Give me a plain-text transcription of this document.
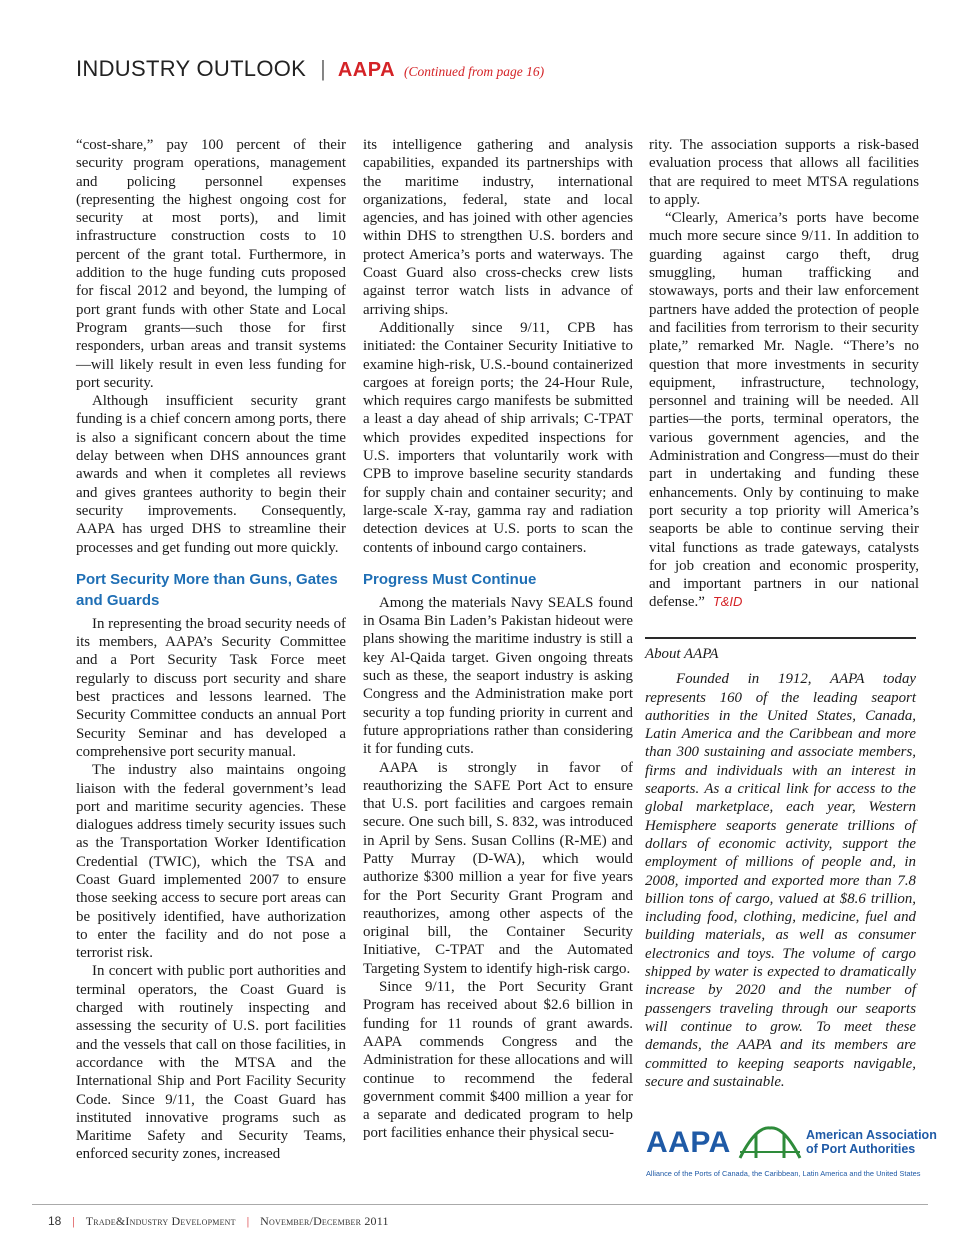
INDUSTRY OUTLOOK | AAPA (Continued from page 16)

“cost-share,” pay 100 percent of their security program operations, management and policing personnel expenses (representing the highest ongoing cost for security at most ports), and limit infrastructure construction costs to 10 percent of the grant total. Furthermore, in addition to the huge funding cuts proposed for fiscal 2012 and beyond, the lumping of port grant funds with other State and Local Program grants—such those for first responders, urban areas and transit systems—will likely result in even less funding for port security.

Although insufficient security grant funding is a chief concern among ports, there is also a significant concern about the time delay between when DHS announces grant awards and when it completes all reviews and gives grantees authority to begin their security improvements. Consequently, AAPA has urged DHS to streamline their processes and get funding out more quickly.

Port Security More than Guns, Gates and Guards

In representing the broad security needs of its members, AAPA’s Security Committee and a Port Security Task Force meet regularly to discuss port security and share best practices and lessons learned. The Security Committee conducts an annual Port Security Seminar and has developed a comprehensive port security manual.

The industry also maintains ongoing liaison with the federal government’s lead port and maritime security agencies. These dialogues address timely security issues such as the Transportation Worker Identification Credential (TWIC), which the TSA and Coast Guard implemented 2007 to ensure those seeking access to secure port areas can be positively identified, have authorization to enter the facility and do not pose a terrorist risk.

In concert with public port authorities and terminal operators, the Coast Guard is charged with routinely inspecting and assessing the security of U.S. port facilities and the vessels that call on those facilities, in accordance with the MTSA and the International Ship and Port Facility Security Code. Since 9/11, the Coast Guard has instituted innovative programs such as Maritime Safety and Security Teams, enforced security zones, increased

its intelligence gathering and analysis capabilities, expanded its partnerships with the maritime industry, international organizations, federal, state and local agencies, and has joined with other agencies within DHS to strengthen U.S. borders and protect America’s ports and waterways. The Coast Guard also cross-checks crew lists against terror watch lists in advance of arriving ships.

Additionally since 9/11, CPB has initiated: the Container Security Initiative to examine high-risk, U.S.-bound containerized cargoes at foreign ports; the 24-Hour Rule, which requires cargo manifests be submitted a least a day ahead of ship arrivals; C-TPAT which provides expedited inspections for U.S. importers that voluntarily work with CPB to improve baseline security standards for supply chain and container security; and large-scale X-ray, gamma ray and radiation detection devices at U.S. ports to scan the contents of inbound cargo containers.

Progress Must Continue

Among the materials Navy SEALS found in Osama Bin Laden’s Pakistan hideout were plans showing the maritime industry is still a key Al-Qaida target. Given ongoing threats such as these, the seaport industry is asking Congress and the Administration make port security a top funding priority in current and future appropriations rather than considering it for funding cuts.

AAPA is strongly in favor of reauthorizing the SAFE Port Act to ensure that U.S. port facilities and cargoes remain secure. One such bill, S. 832, was introduced in April by Sens. Susan Collins (R-ME) and Patty Murray (D-WA), which would authorize $300 million a year for five years for the Port Security Grant Program and reauthorizes, among other aspects of the original bill, the Container Security Initiative, C-TPAT and the Automated Targeting System to identify high-risk cargo.

Since 9/11, the Port Security Grant Program has received about $2.6 billion in funding for 11 rounds of grant awards. AAPA commends Congress and the Administration for these allocations and will continue to recommend the federal government commit $400 million a year for a separate and dedicated program to help port facilities enhance their physical secu-

rity. The association supports a risk-based evaluation process that allows all facilities that are required to meet MTSA regulations to apply.

“Clearly, America’s ports have become much more secure since 9/11. In addition to guarding against cargo theft, drug smuggling, human trafficking and stowaways, ports and their law enforcement partners have added the protection of people and facilities from terrorism to their security plate,” remarked Mr. Nagle. “There’s no question that more investments in security equipment, infrastructure, technology, personnel and training will be needed. All parties—the ports, terminal operators, the various government agencies, and the Administration and Congress—must do their part in undertaking and funding these enhancements. Only by continuing to make port security a top priority will America’s seaports be able to continue serving their vital functions as trade gateways, catalysts for job creation and economic prosperity, and important partners in our national defense.” T&ID

About AAPA

Founded in 1912, AAPA today represents 160 of the leading seaport authorities in the United States, Canada, Latin America and the Caribbean and more than 300 sustaining and associate members, firms and individuals with an interest in seaports. As a critical link for access to the global marketplace, each year, Western Hemisphere seaports generate trillions of dollars of economic activity, support the employment of millions of people and, in 2008, imported and exported more than 7.8 billion tons of cargo, valued at $8.6 trillion, including food, clothing, medicine, fuel and building materials, as well as consumer electronics and toys. The volume of cargo shipped by water is expected to dramatically increase by 2020 and the number of passengers traveling through our seaports will continue to grow. To meet these demands, the AAPA and its members are committed to keeping seaports navigable, secure and sustainable.

AAPA	American Association
of Port Authorities
Alliance of the Ports of Canada, the Caribbean, Latin America and the United States
18 | Trade&Industry Development | November/December 2011
